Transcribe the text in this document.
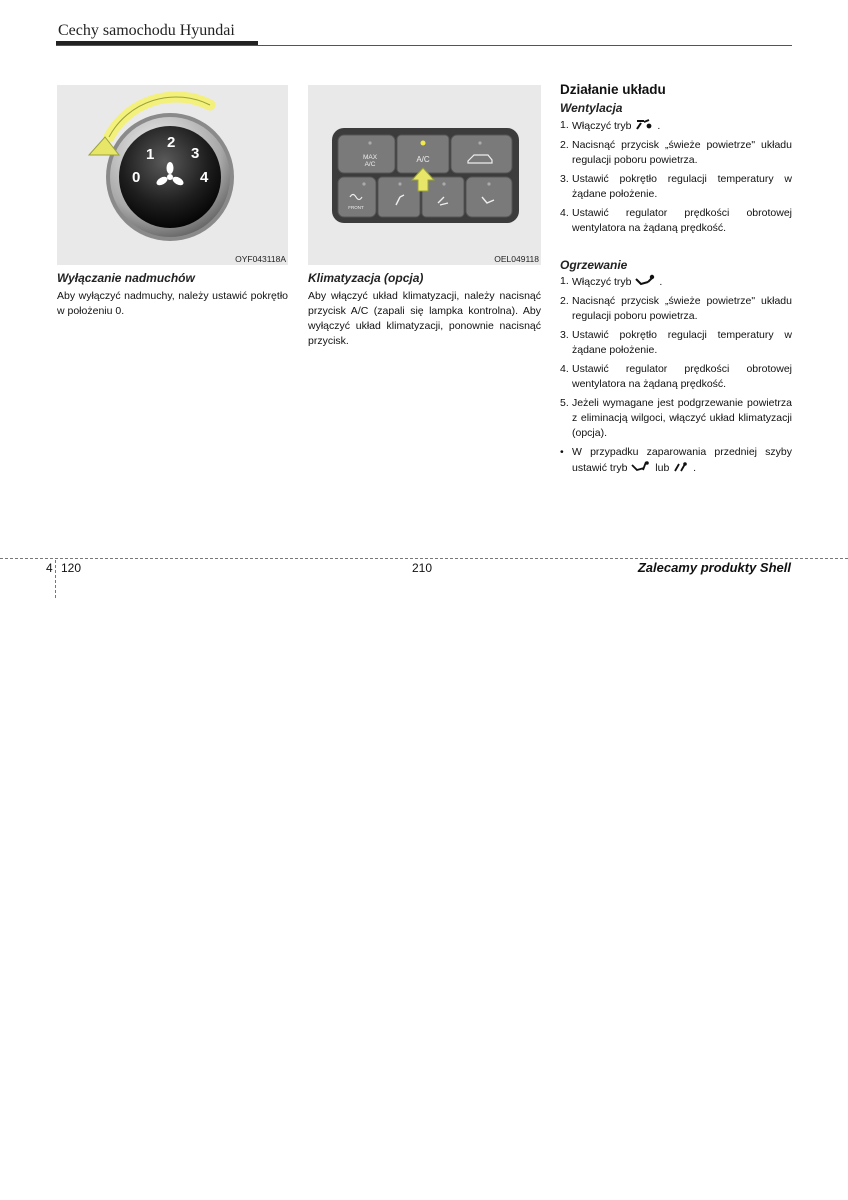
Cechy samochodu Hyundai
1
2
3
0	4
OYF043118A
MAX
A/C
A/C
FRONT
OEL049118
Wyłączanie nadmuchów
Aby wyłączyć nadmuchy, należy ustawić pokrętło w położeniu 0.
Klimatyzacja (opcja)
Aby włączyć układ klimatyzacji, należy nacisnąć przycisk A/C (zapali się lampka kontrolna). Aby wyłączyć układ klimatyzacji, ponownie nacisnąć przycisk.
Działanie układu
Wentylacja
1. Włączyć tryb .
2. Nacisnąć przycisk „świeże powietrze" układu regulacji poboru powietrza.
3. Ustawić pokrętło regulacji temperatury w żądane położenie.
4. Ustawić regulator prędkości obrotowej wentylatora na żądaną prędkość.
Ogrzewanie
1. Włączyć tryb	.
2. Nacisnąć przycisk „świeże powietrze" układu regulacji poboru powietrza.
3. Ustawić pokrętło regulacji temperatury w żądane położenie.
4. Ustawić regulator prędkości obrotowej wentylatora na żądaną prędkość.
5. Jeżeli wymagane jest podgrzewanie powietrza z eliminacją wilgoci, włączyć układ klimatyzacji (opcja).
• W przypadku zaparowania przedniej szyby ustawić tryb	lub .
4 120	210	Zalecamy produkty Shell
